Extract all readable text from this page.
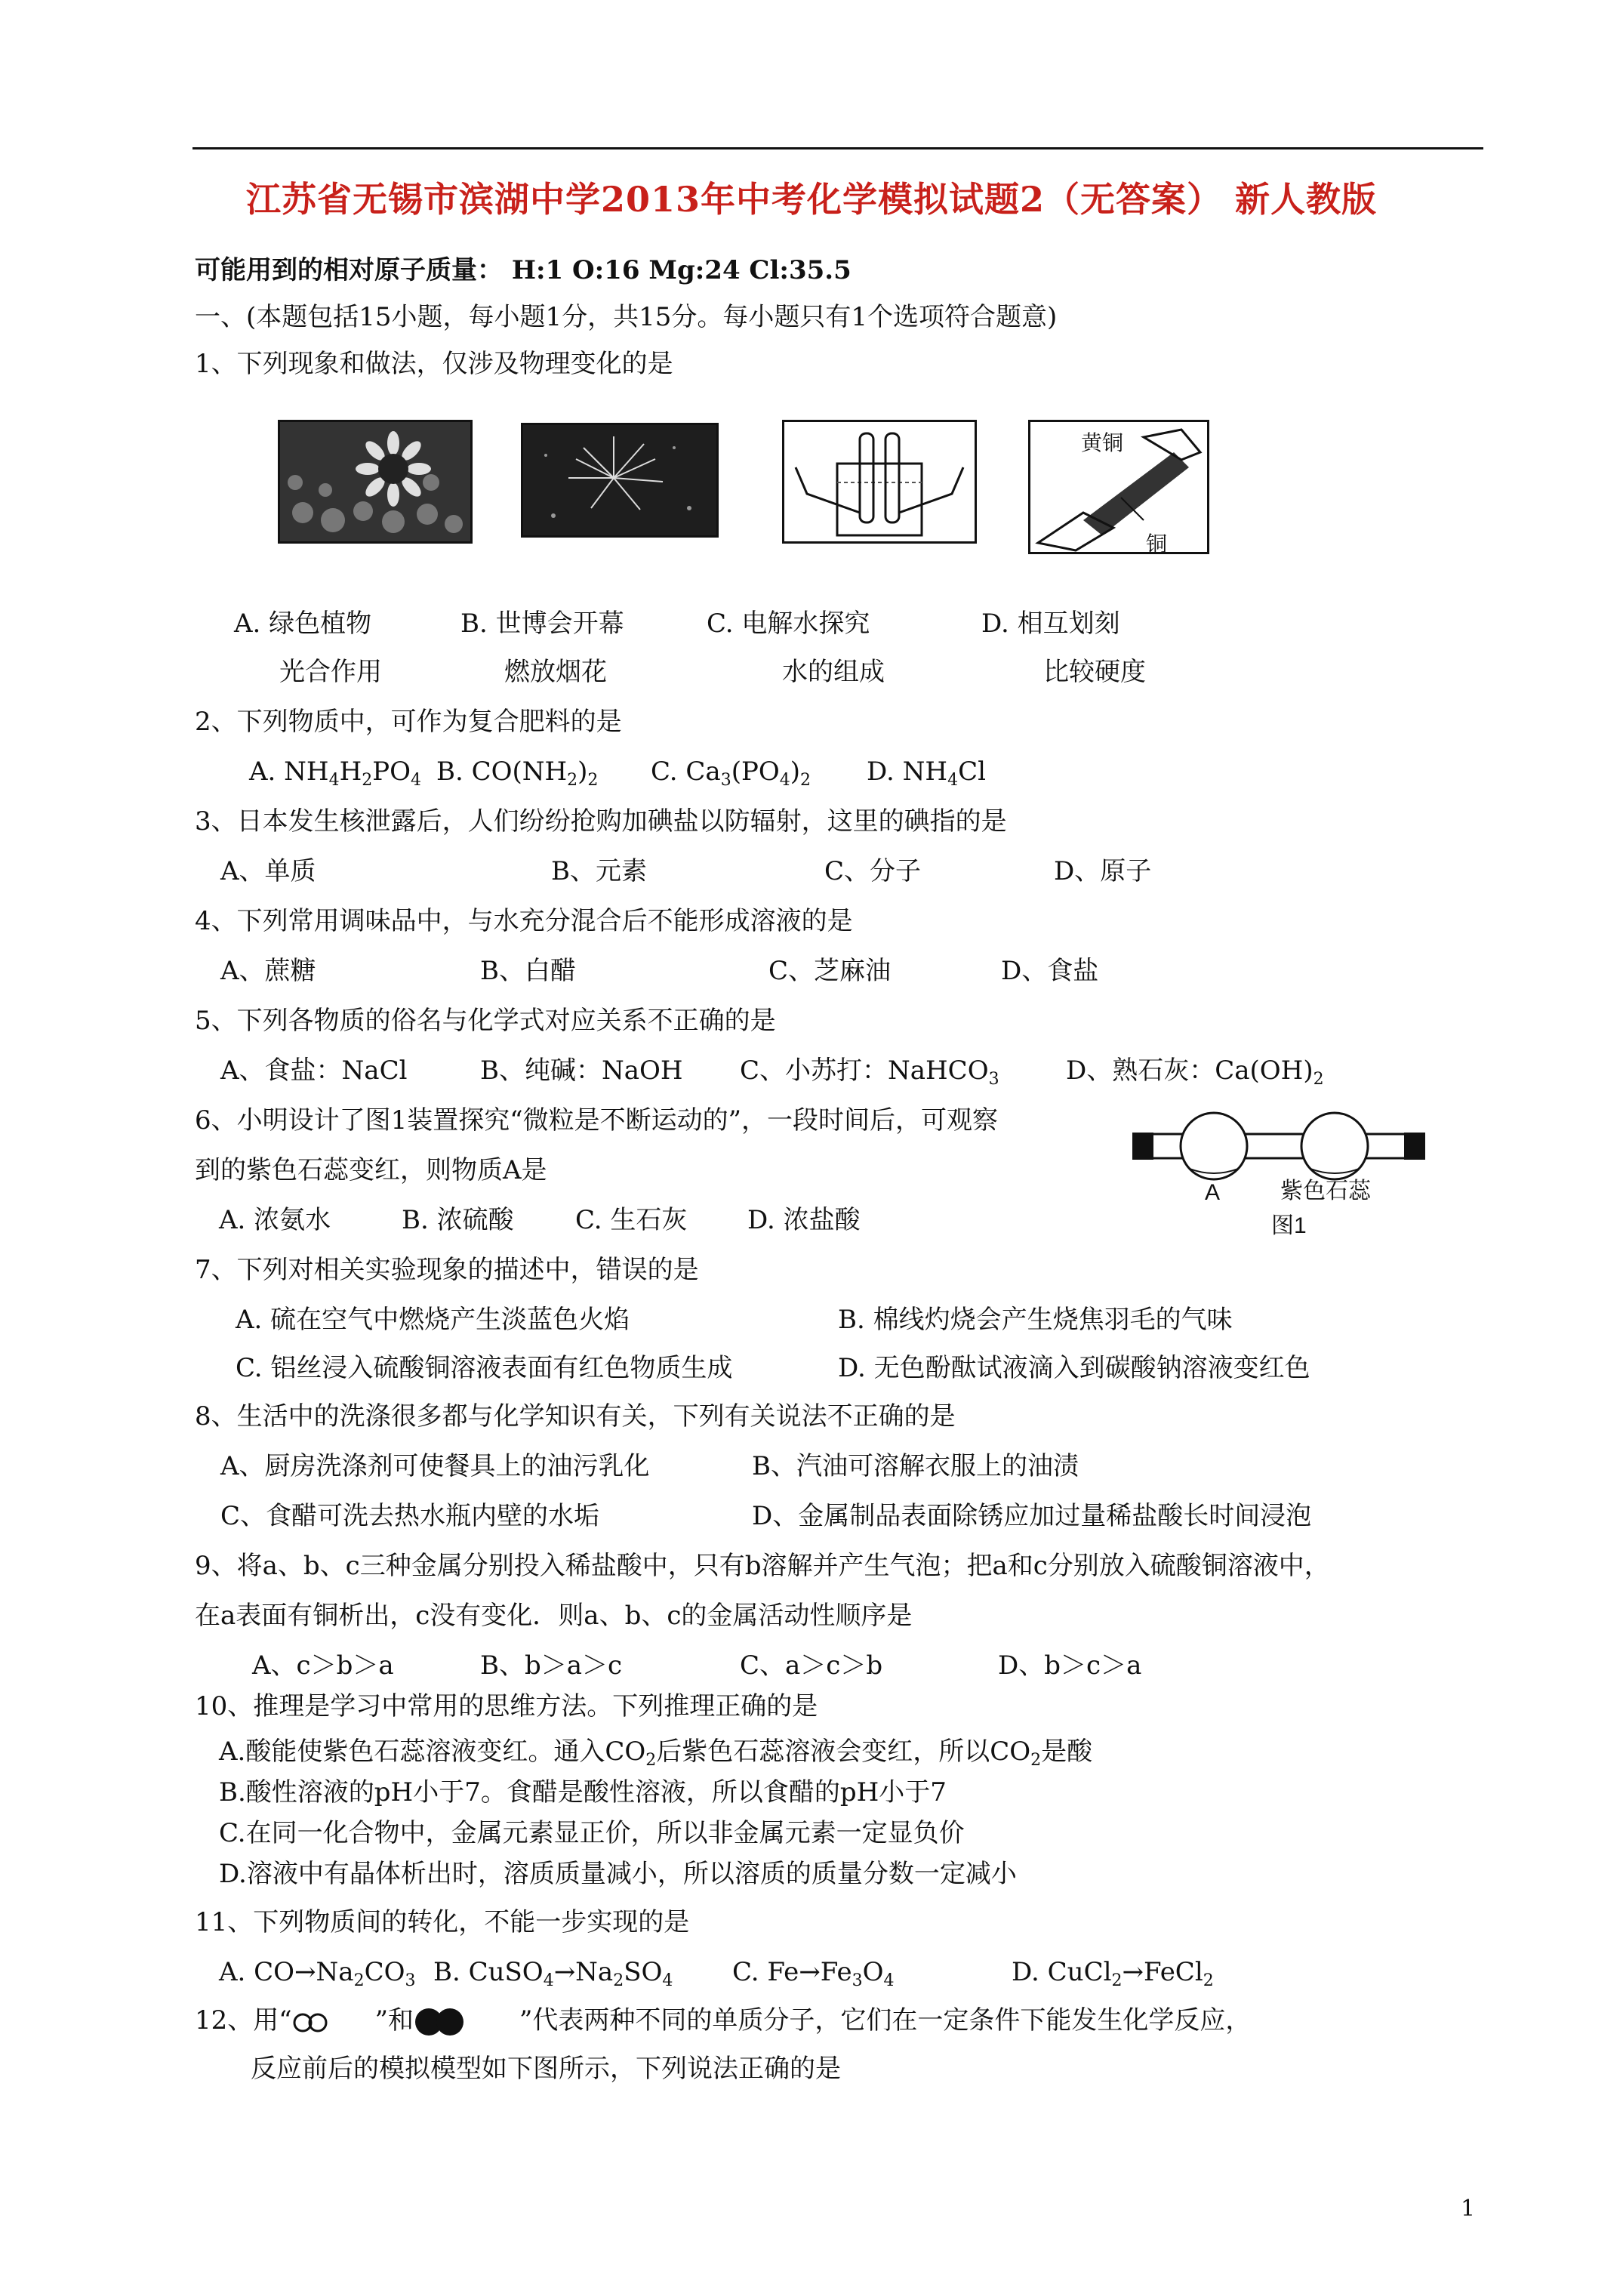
江苏省无锡市滨湖中学2013年中考化学模拟试题2（无答案） 新人教版
可能用到的相对原子质量： H:1 O:16 Mg:24 Cl:35.5
一、(本题包括15小题，每小题1分，共15分。每小题只有1个选项符合题意)
1、下列现象和做法，仅涉及物理变化的是
黄铜
铜
A. 绿色植物	B. 世博会开幕	C. 电解水探究	D. 相互划刻
光合作用	燃放烟花	水的组成	比较硬度
2、下列物质中，可作为复合肥料的是
A. $NH_4H_2PO_4$ B. $CO(NH_2)_2$ C. $Ca_3(PO_4)_2$ D. $NH_4Cl$
3、日本发生核泄露后，人们纷纷抢购加碘盐以防辐射，这里的碘指的是
A、单质	B、元素	C、分子	D、原子
4、下列常用调味品中，与水充分混合后不能形成溶液的是
A、蔗糖	B、白醋	C、芝麻油	D、食盐
5、下列各物质的俗名与化学式对应关系不正确的是
A、食盐：NaCl	B、纯碱：NaOH C、小苏打：NaHCO$_3$	D、熟石灰：$Ca(OH)_2$
6、小明设计了图1装置探究“微粒是不断运动的”，一段时间后，可观察
到的紫色石蕊变红，则物质A是
A. 浓氨水	B. 浓硫酸 C. 生石灰 D. 浓盐酸
A	紫色石蕊
图1
7、下列对相关实验现象的描述中，错误的是
A. 硫在空气中燃烧产生淡蓝色火焰	B. 棉线灼烧会产生烧焦羽毛的气味
C. 铝丝浸入硫酸铜溶液表面有红色物质生成	D. 无色酚酞试液滴入到碳酸钠溶液变红色
8、生活中的洗涤很多都与化学知识有关，下列有关说法不正确的是
A、厨房洗涤剂可使餐具上的油污乳化	B、汽油可溶解衣服上的油渍
C、食醋可洗去热水瓶内壁的水垢	D、金属制品表面除锈应加过量稀盐酸长时间浸泡
9、将a、b、c三种金属分别投入稀盐酸中，只有b溶解并产生气泡；把a和c分别放入硫酸铜溶液中，
在a表面有铜析出，c没有变化．则a、b、c的金属活动性顺序是
A、c＞b＞a	B、b＞a＞c	C、a＞c＞b	D、b＞c＞a
10、推理是学习中常用的思维方法。下列推理正确的是
A.酸能使紫色石蕊溶液变红。通入$CO_2$后紫色石蕊溶液会变红，所以$CO_2$是酸
B.酸性溶液的pH小于7。食醋是酸性溶液，所以食醋的pH小于7
C.在同一化合物中，金属元素显正价，所以非金属元素一定显负价
D.溶液中有晶体析出时，溶质质量减小，所以溶质的质量分数一定减小
11、下列物质间的转化，不能一步实现的是
A. $CO\to Na_2CO_3$ B. $CuSO_4\to Na_2SO_4$ C. $Fe\to Fe_3O_4$	D. CuCl$_2$→FeCl$_2$
12、用“	”和	”代表两种不同的单质分子，它们在一定条件下能发生化学反应，
反应前后的模拟模型如下图所示，下列说法正确的是
1
